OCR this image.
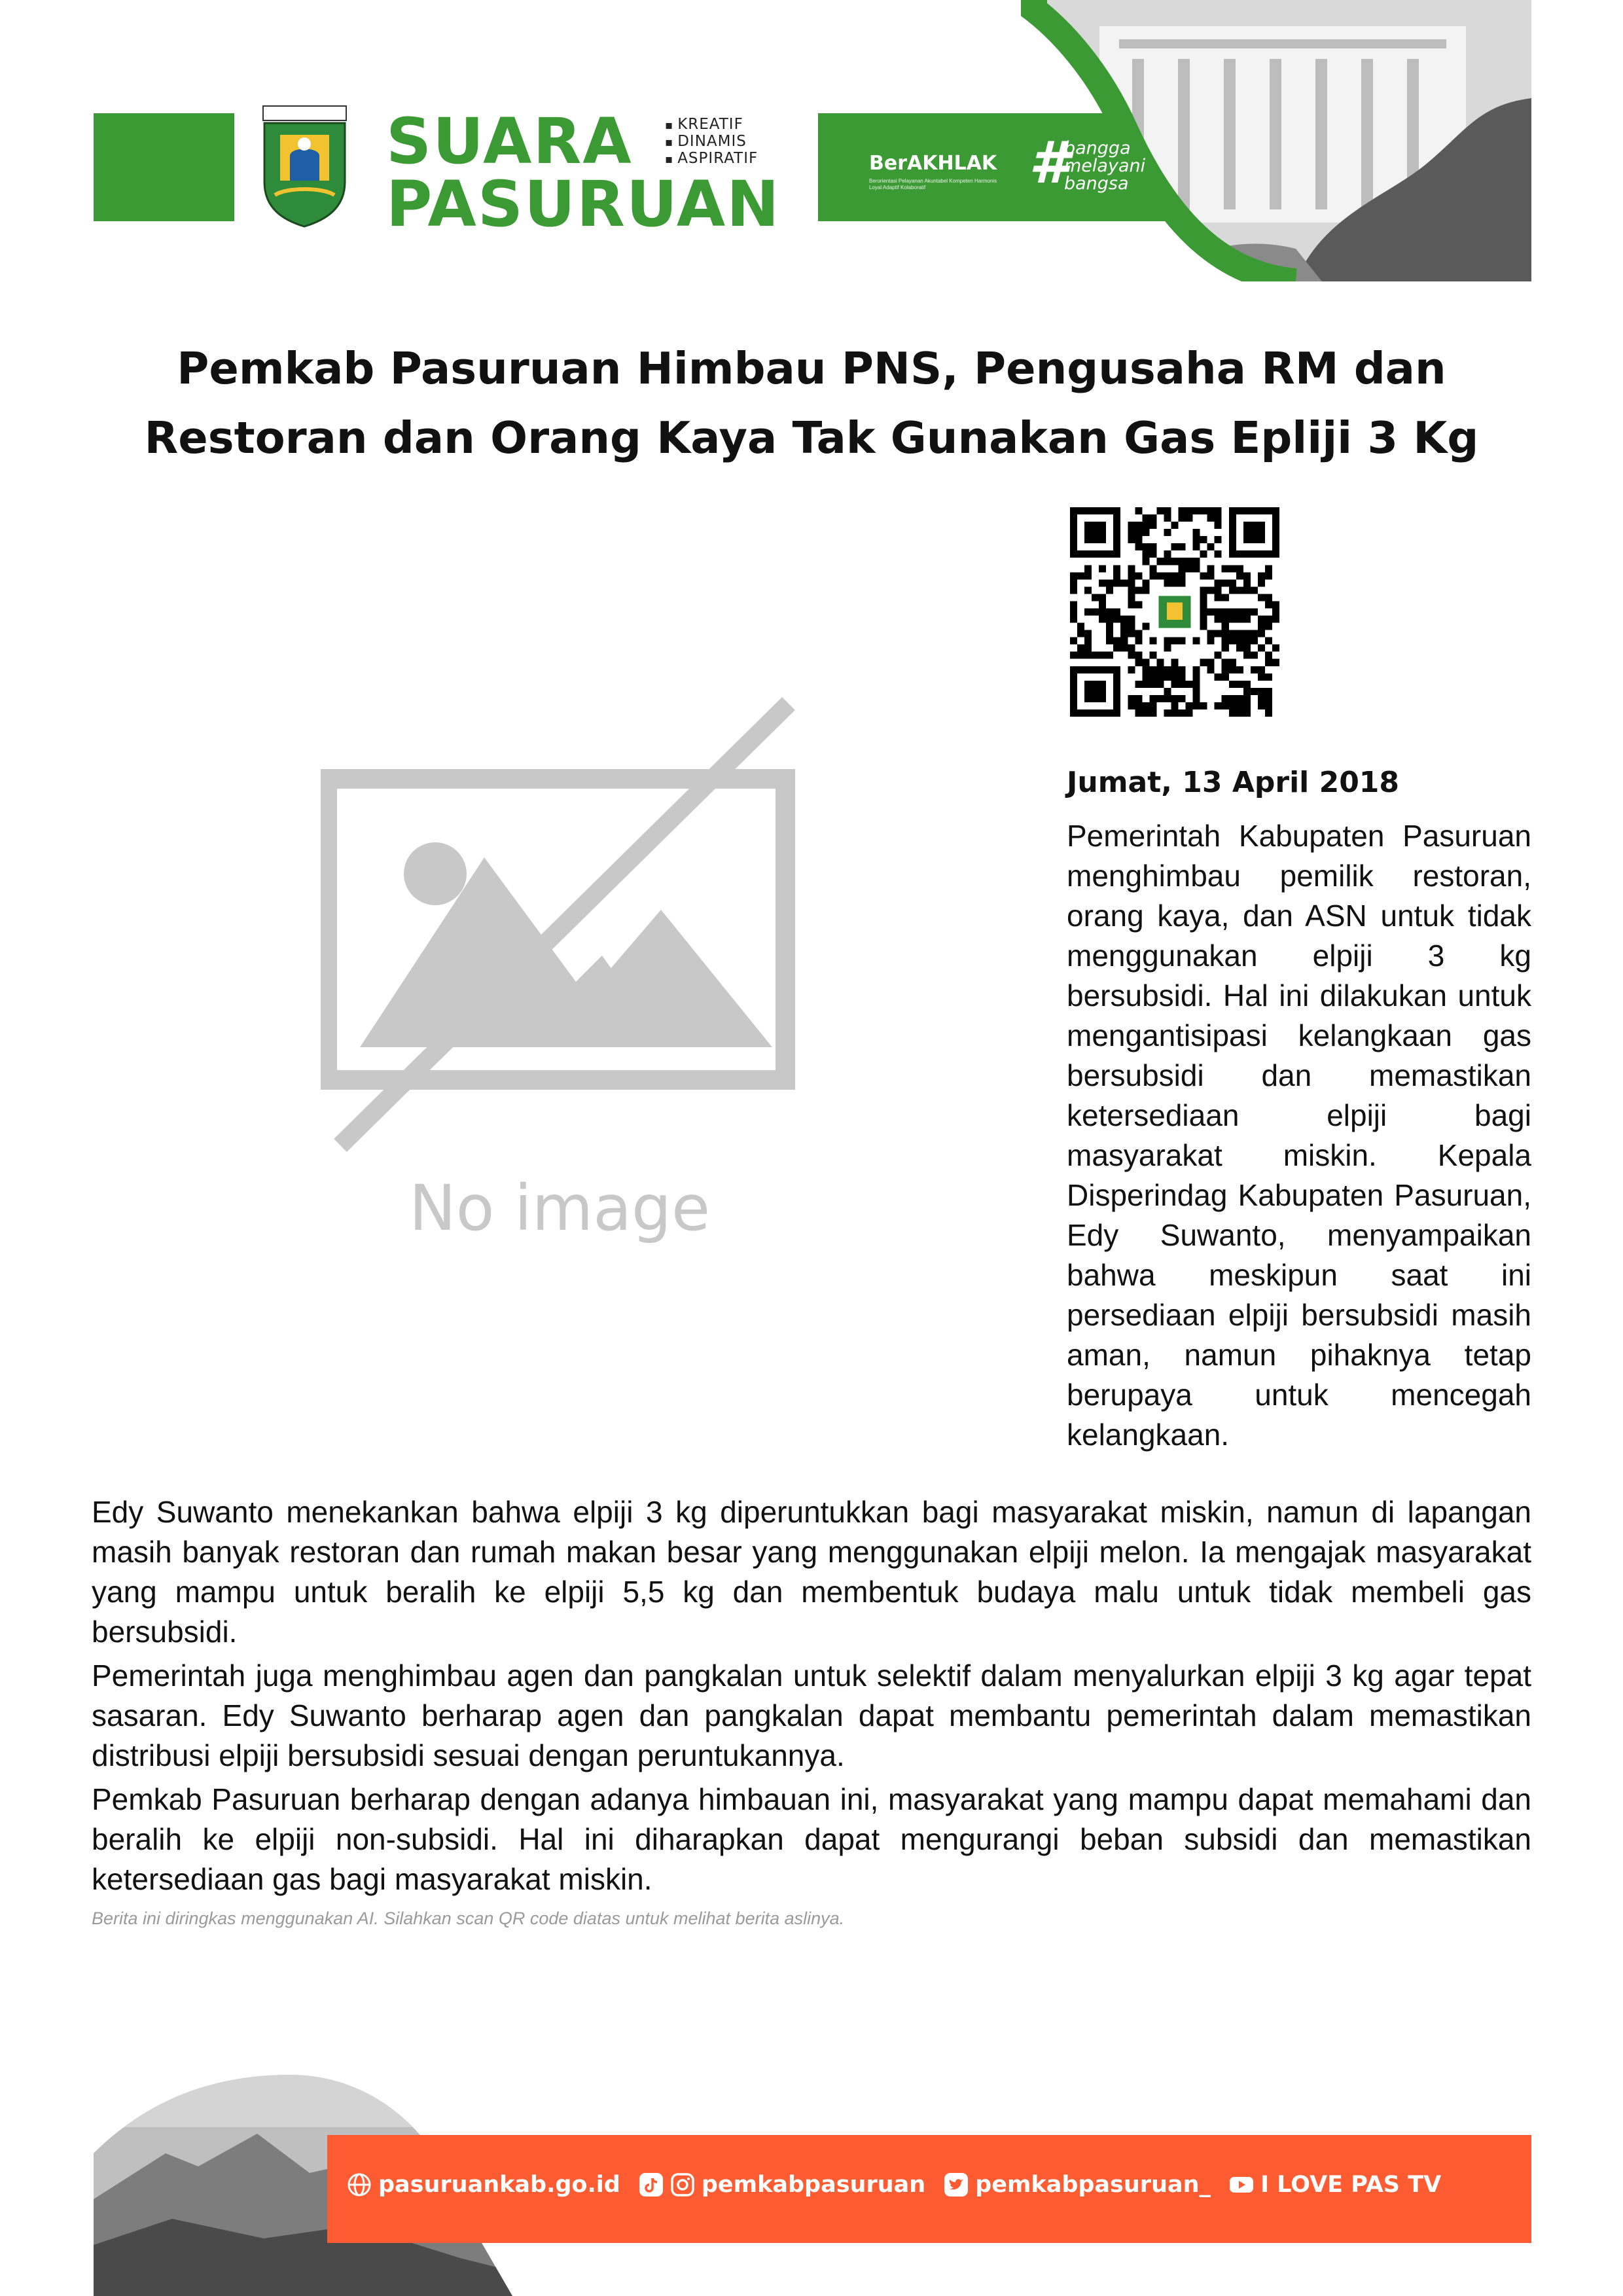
SUARA
PASURUAN
▪ KREATIF
▪ DINAMIS
▪ ASPIRATIF	BerAKHLAK
Berorientasi Pelayanan Akuntabel Kompeten Harmonis Loyal Adaptif Kolaboratif	#
bangga
melayani
bangsa
Pemkab Pasuruan Himbau PNS, Pengusaha RM dan
Restoran dan Orang Kaya Tak Gunakan Gas Epliji 3 Kg
No image
Jumat, 13 April 2018
Pemerintah Kabupaten Pasuruan menghimbau pemilik restoran, orang kaya, dan ASN untuk tidak menggunakan elpiji 3 kg bersubsidi. Hal ini dilakukan untuk mengantisipasi kelangkaan gas bersubsidi dan memastikan ketersediaan elpiji bagi masyarakat miskin. Kepala Disperindag Kabupaten Pasuruan, Edy Suwanto, menyampaikan bahwa meskipun saat ini persediaan elpiji bersubsidi masih aman, namun pihaknya tetap berupaya untuk mencegah kelangkaan.

Edy Suwanto menekankan bahwa elpiji 3 kg diperuntukkan bagi masyarakat miskin, namun di lapangan masih banyak restoran dan rumah makan besar yang menggunakan elpiji melon. Ia mengajak masyarakat yang mampu untuk beralih ke elpiji 5,5 kg dan membentuk budaya malu untuk tidak membeli gas bersubsidi.

Pemerintah juga menghimbau agen dan pangkalan untuk selektif dalam menyalurkan elpiji 3 kg agar tepat sasaran. Edy Suwanto berharap agen dan pangkalan dapat membantu pemerintah dalam memastikan distribusi elpiji bersubsidi sesuai dengan peruntukannya.

Pemkab Pasuruan berharap dengan adanya himbauan ini, masyarakat yang mampu dapat memahami dan beralih ke elpiji non-subsidi. Hal ini diharapkan dapat mengurangi beban subsidi dan memastikan ketersediaan gas bagi masyarakat miskin.

Berita ini diringkas menggunakan AI. Silahkan scan QR code diatas untuk melihat berita aslinya.
pasuruankab.go.id	pemkabpasuruan pemkabpasuruan_ I LOVE PAS TV
